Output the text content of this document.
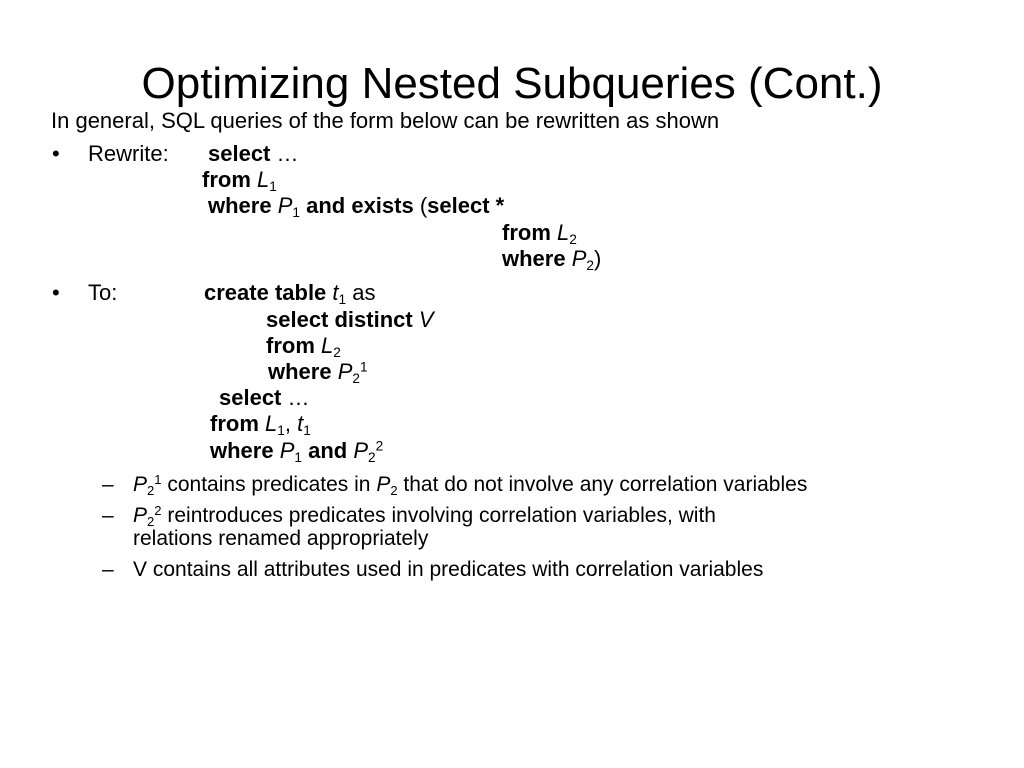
In general, SQL queries of the form below can be rewritten as shown
Optimizing Nested Subqueries (Cont.)
• Rewrite: select …
from $L_1$
where $P_1$ and exists (select *
from $L_2$
where $P_2$)
• To:	create table $t_1$ as
select distinct V
from $L_2$
where $P_2^1$
select …
from $L_1$, $t_1$
where $P_1$ and $P_2^2$
– $P_2^1$ contains predicates in $P_2$ that do not involve any correlation variables
– $P_2^2$ reintroduces predicates involving correlation variables, with
relations renamed appropriately
– V contains all attributes used in predicates with correlation variables
